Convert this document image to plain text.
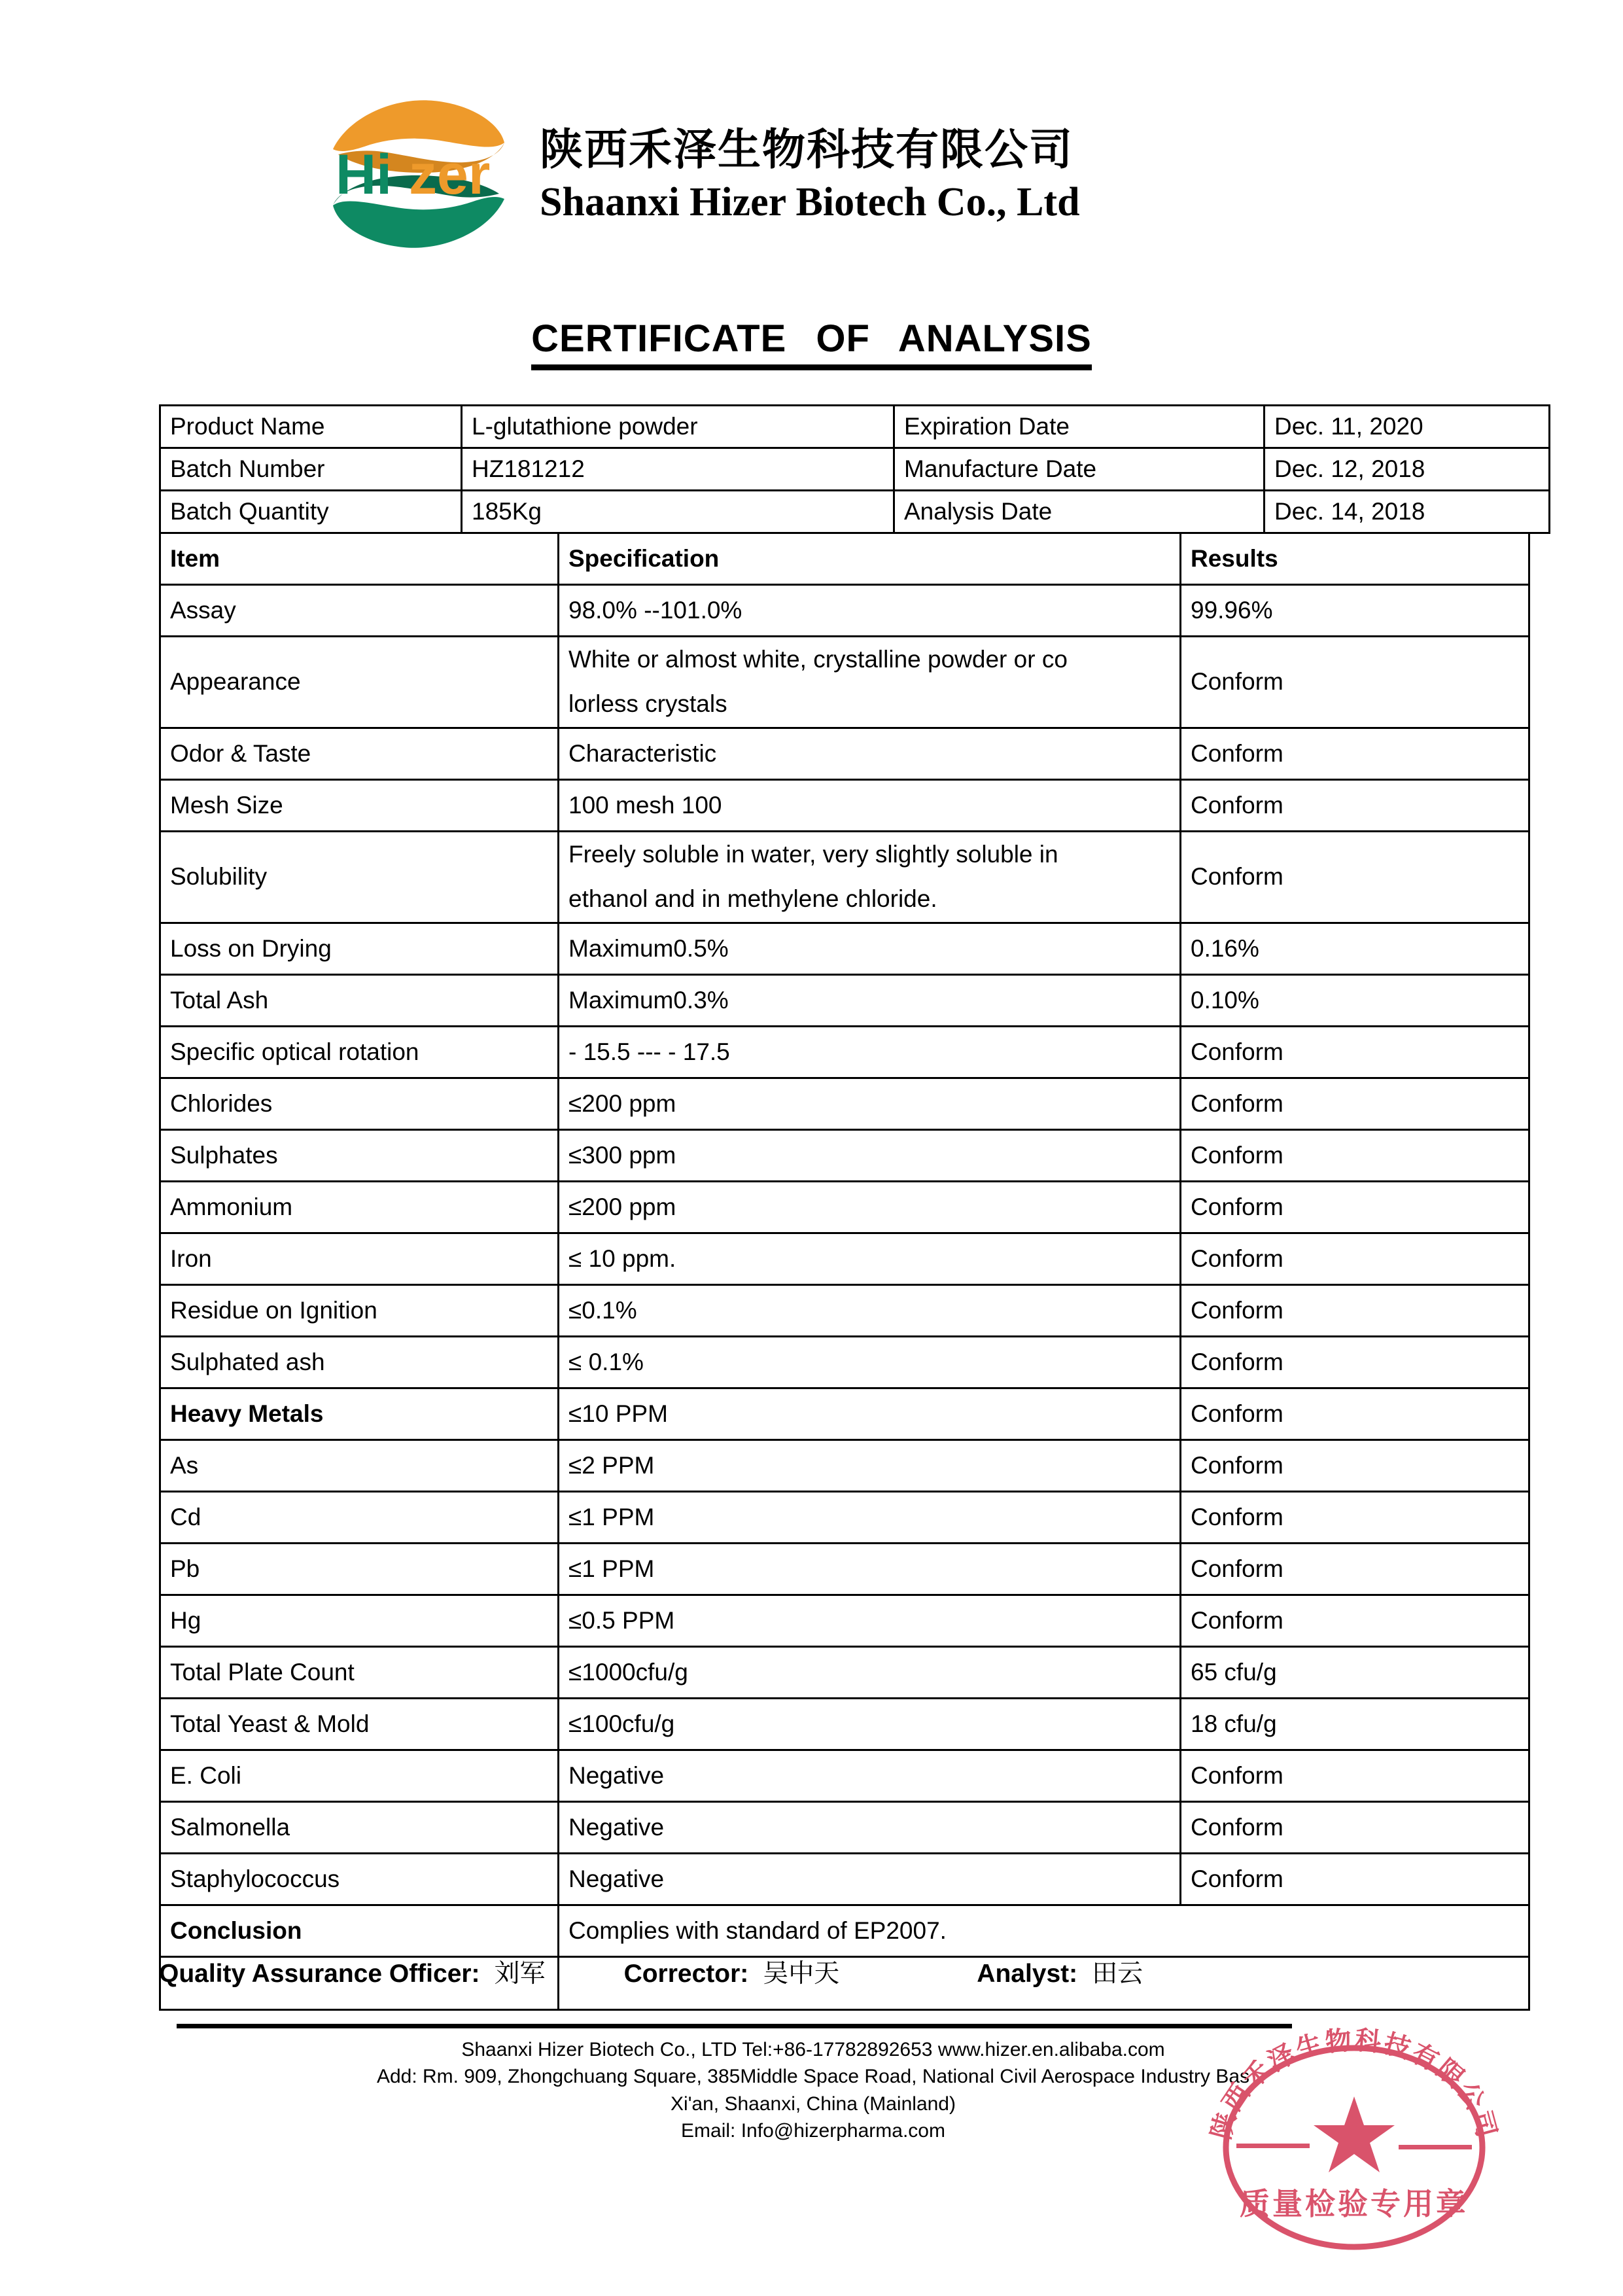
Hi zer 陕西禾泽生物科技有限公司
Shaanxi Hizer Biotech Co., Ltd
CERTIFICATE OF ANALYSIS
Product Name	L-glutathione powder	Expiration Date	Dec. 11, 2020
Batch Number	HZ181212	Manufacture Date	Dec. 12, 2018
Batch Quantity	185Kg	Analysis Date	Dec. 14, 2018
Item	Specification	Results
Assay	98.0% --101.0%	99.96%
Appearance	White or almost white, crystalline powder or co
lorless crystals	Conform
Odor & Taste	Characteristic	Conform
Mesh Size	100 mesh 100	Conform
Solubility	Freely soluble in water, very slightly soluble in
ethanol and in methylene chloride.	Conform
Loss on Drying	Maximum0.5%	0.16%
Total Ash	Maximum0.3%	0.10%
Specific optical rotation	- 15.5 --- - 17.5	Conform
Chlorides	≤200 ppm	Conform
Sulphates	≤300 ppm	Conform
Ammonium	≤200 ppm	Conform
Iron	≤ 10 ppm.	Conform
Residue on Ignition	≤0.1%	Conform
Sulphated ash	≤ 0.1%	Conform
Heavy Metals	≤10 PPM	Conform
As	≤2 PPM	Conform
Cd	≤1 PPM	Conform
Pb	≤1 PPM	Conform
Hg	≤0.5 PPM	Conform
Total Plate Count	≤1000cfu/g	65 cfu/g
Total Yeast & Mold	≤100cfu/g	18 cfu/g
E. Coli	Negative	Conform
Salmonella	Negative	Conform
Staphylococcus	Negative	Conform
Conclusion	Complies with standard of EP2007.	

Quality Assurance Officer: 刘军	Corrector: 吴中天	Analyst: 田云
Shaanxi Hizer Biotech Co., LTD Tel:+86-17782892653 www.hizer.en.alibaba.com
Add: Rm. 909, Zhongchuang Square, 385Middle Space Road, National Civil Aerospace Industry Bas
Xi'an, Shaanxi, China (Mainland)
Email: Info@hizerpharma.com	陕西禾泽生物科技有限公司
质量检验专用章
